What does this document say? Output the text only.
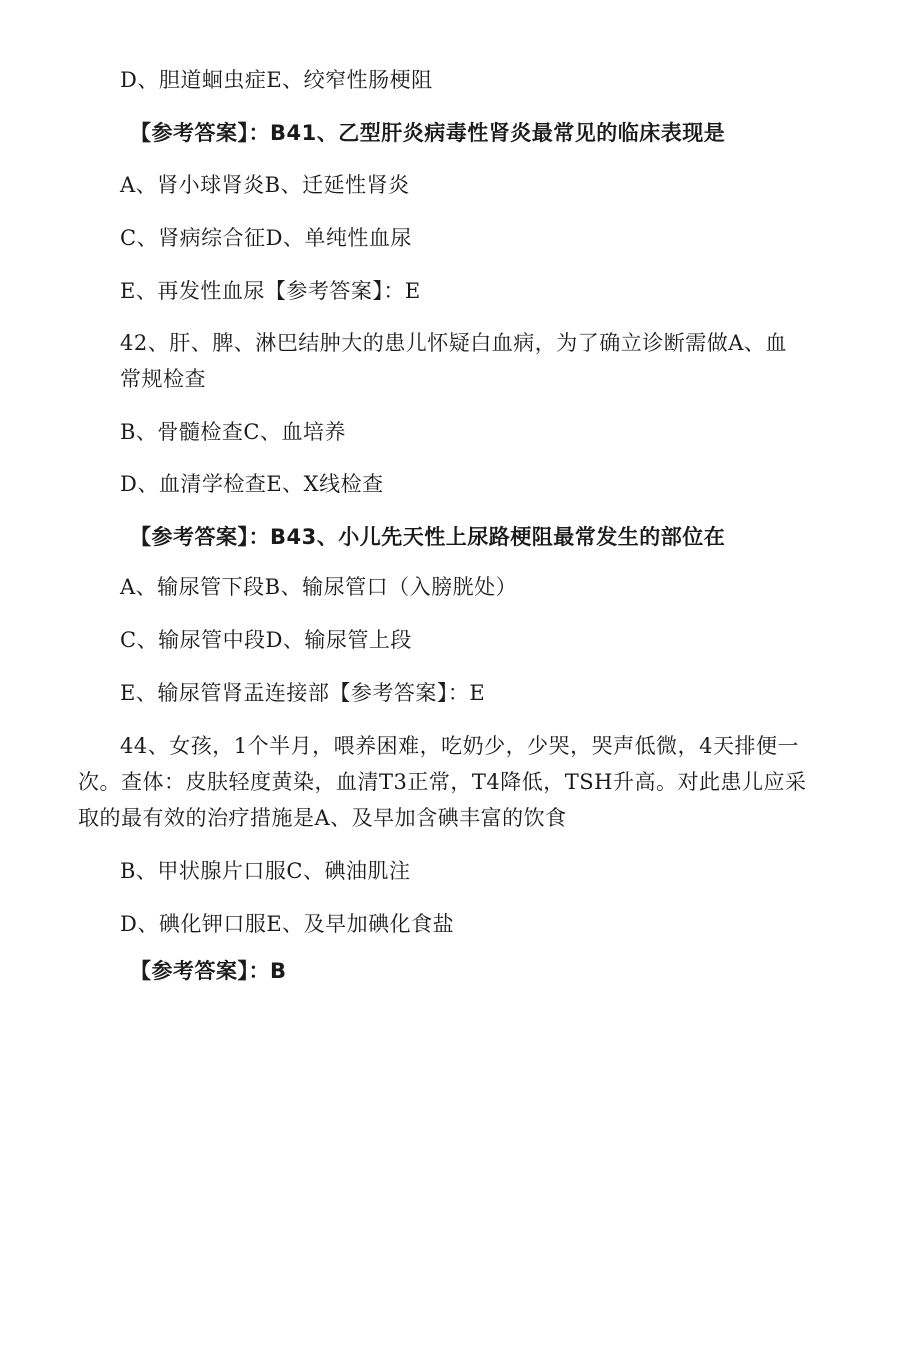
D、胆道蛔虫症E、绞窄性肠梗阻
【参考答案】：B41、乙型肝炎病毒性肾炎最常见的临床表现是
A、肾小球肾炎B、迁延性肾炎
C、肾病综合征D、单纯性血尿
E、再发性血尿【参考答案】：E
42、肝、脾、淋巴结肿大的患儿怀疑白血病，为了确立诊断需做A、血
常规检查
B、骨髓检查C、血培养
D、血清学检查E、X线检查
【参考答案】：B43、小儿先天性上尿路梗阻最常发生的部位在
A、输尿管下段B、输尿管口（入膀胱处）
C、输尿管中段D、输尿管上段
E、输尿管肾盂连接部【参考答案】：E
44、女孩，1个半月，喂养困难，吃奶少，少哭，哭声低微，4天排便一
次。查体：皮肤轻度黄染，血清T3正常，T4降低，TSH升高。对此患儿应采
取的最有效的治疗措施是A、及早加含碘丰富的饮食
B、甲状腺片口服C、碘油肌注
D、碘化钾口服E、及早加碘化食盐
【参考答案】：B
